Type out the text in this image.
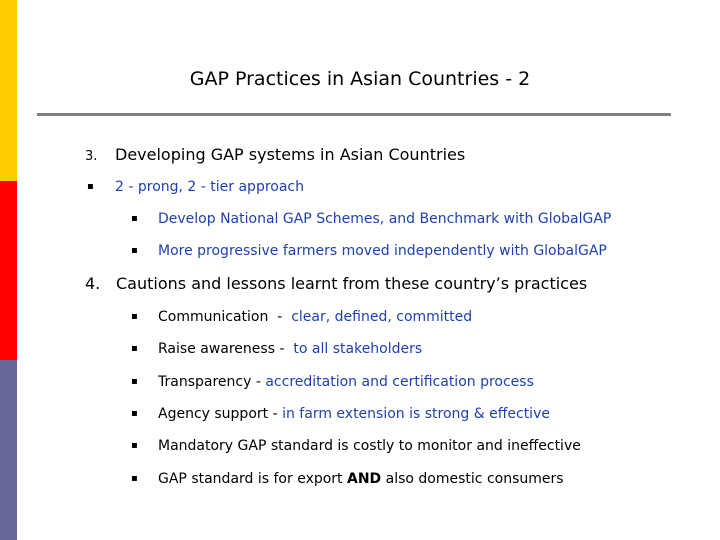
GAP Practices in Asian Countries - 2
3. Developing GAP systems in Asian Countries
▪ 2 - prong, 2 - tier approach
▪ Develop National GAP Schemes, and Benchmark with GlobalGAP
▪ More progressive farmers moved independently with GlobalGAP
4. Cautions and lessons learnt from these country’s practices
▪ Communication  -  clear, defined, committed
▪ Raise awareness -  to all stakeholders
▪ Transparency - accreditation and certification process
▪ Agency support - in farm extension is strong & effective
▪ Mandatory GAP standard is costly to monitor and ineffective
▪ GAP standard is for export AND also domestic consumers
